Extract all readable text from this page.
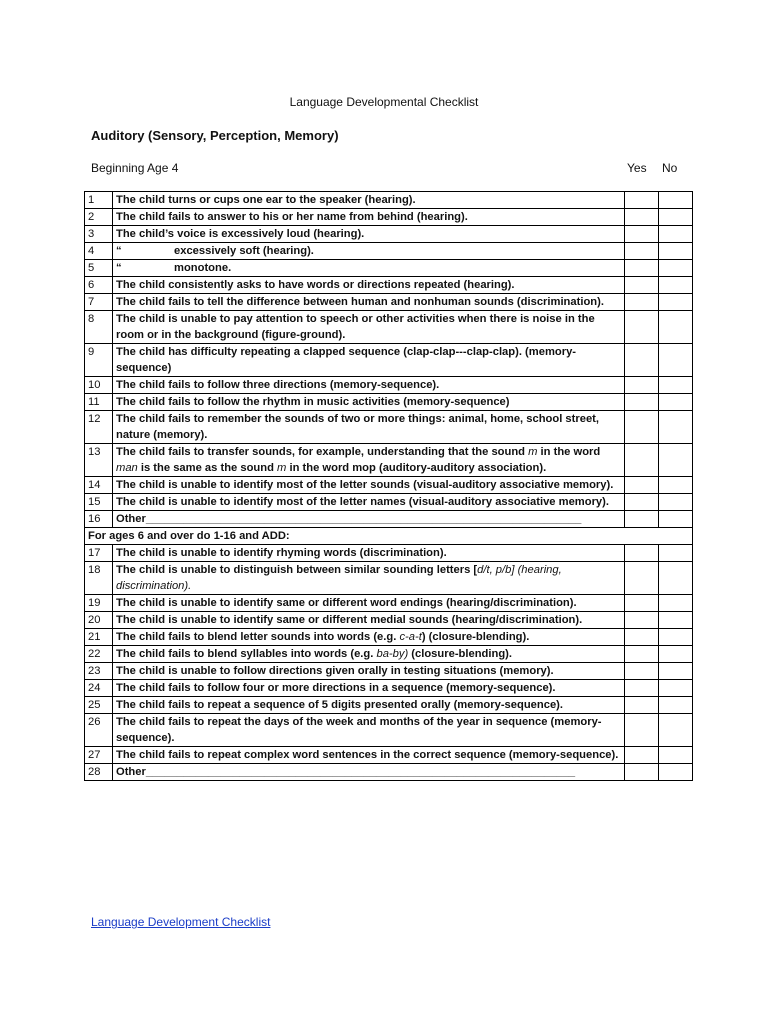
Language Developmental Checklist
Auditory (Sensory, Perception, Memory)
Beginning Age 4	Yes No
1	The child turns or cups one ear to the speaker (hearing).		
2	The child fails to answer to his or her name from behind (hearing).		
3	The child’s voice is excessively loud (hearing).		
4	“ excessively soft (hearing).		
5	“ monotone.		
6	The child consistently asks to have words or directions repeated (hearing).		
7	The child fails to tell the difference between human and nonhuman sounds (discrimination).		
8	The child is unable to pay attention to speech or other activities when there is noise in the room or in the background (figure-ground).		
9	The child has difficulty repeating a clapped sequence (clap-clap---clap-clap). (memory-sequence)		
10	The child fails to follow three directions (memory-sequence).		
11	The child fails to follow the rhythm in music activities (memory-sequence)		
12	The child fails to remember the sounds of two or more things: animal, home, school street, nature (memory).		
13	The child fails to transfer sounds, for example, understanding that the sound m in the word man is the same as the sound m in the word mop (auditory-auditory association).		
14	The child is unable to identify most of the letter sounds (visual-auditory associative memory).		
15	The child is unable to identify most of the letter names (visual-auditory associative memory).		
16	Other______________________________________________________________________		
For ages 6 and over do 1-16 and ADD:			
17	The child is unable to identify rhyming words (discrimination).		
18	The child is unable to distinguish between similar sounding letters [d/t, p/b] (hearing, discrimination).		
19	The child is unable to identify same or different word endings (hearing/discrimination).		
20	The child is unable to identify same or different medial sounds (hearing/discrimination).		
21	The child fails to blend letter sounds into words (e.g. c-a-t) (closure-blending).		
22	The child fails to blend syllables into words (e.g. ba-by) (closure-blending).		
23	The child is unable to follow directions given orally in testing situations (memory).		
24	The child fails to follow four or more directions in a sequence (memory-sequence).		
25	The child fails to repeat a sequence of 5 digits presented orally (memory-sequence).		
26	The child fails to repeat the days of the week and months of the year in sequence (memory-sequence).		
27	The child fails to repeat complex word sentences in the correct sequence (memory-sequence).		
28	Other_____________________________________________________________________		
Language Development Checklist
